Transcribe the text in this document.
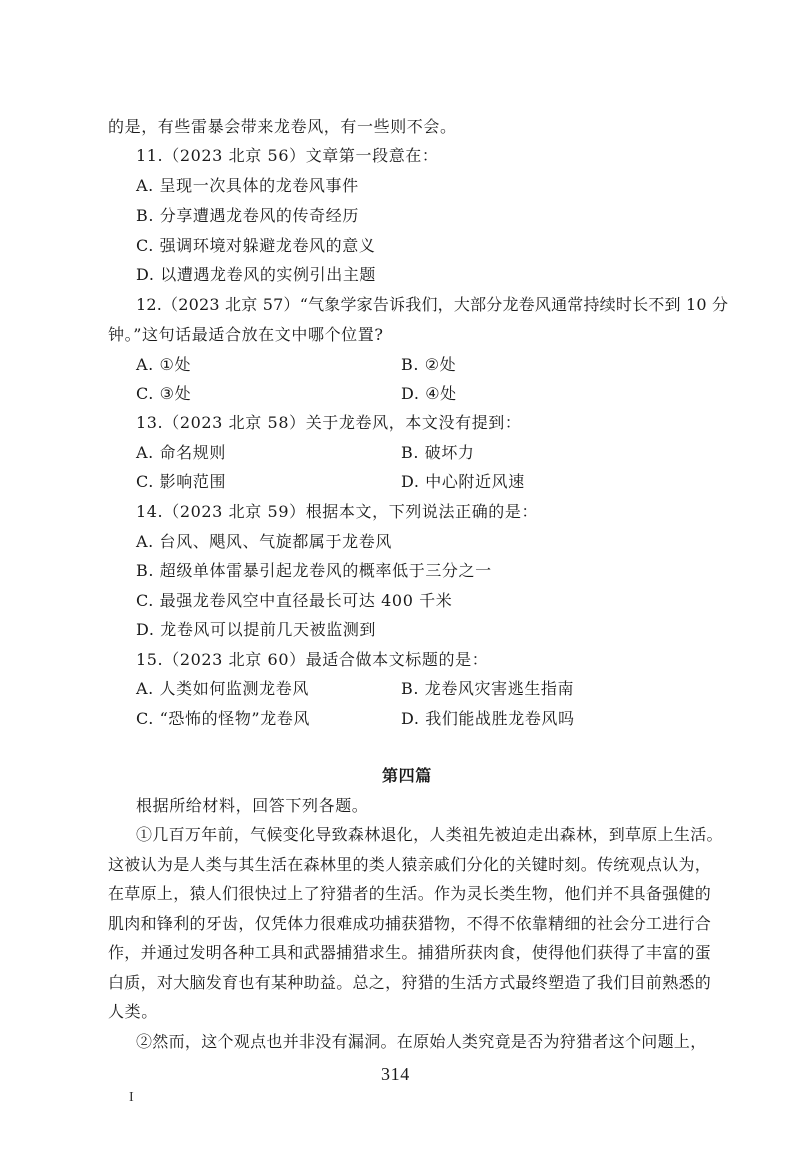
的是，有些雷暴会带来龙卷风，有一些则不会。
11.（2023 北京 56）文章第一段意在：
A. 呈现一次具体的龙卷风事件
B. 分享遭遇龙卷风的传奇经历
C. 强调环境对躲避龙卷风的意义
D. 以遭遇龙卷风的实例引出主题
12.（2023 北京 57）“气象学家告诉我们，大部分龙卷风通常持续时长不到 10 分
钟。”这句话最适合放在文中哪个位置?
A. ①处	B. ②处
C. ③处	D. ④处
13.（2023 北京 58）关于龙卷风，本文没有提到：
A. 命名规则	B. 破坏力
C. 影响范围	D. 中心附近风速
14.（2023 北京 59）根据本文，下列说法正确的是：
A. 台风、飓风、气旋都属于龙卷风
B. 超级单体雷暴引起龙卷风的概率低于三分之一
C. 最强龙卷风空中直径最长可达 400 千米
D. 龙卷风可以提前几天被监测到
15.（2023 北京 60）最适合做本文标题的是：
A. 人类如何监测龙卷风	B. 龙卷风灾害逃生指南
C. “恐怖的怪物”龙卷风	D. 我们能战胜龙卷风吗
第四篇
根据所给材料，回答下列各题。
①几百万年前，气候变化导致森林退化，人类祖先被迫走出森林，到草原上生活。
这被认为是人类与其生活在森林里的类人猿亲戚们分化的关键时刻。传统观点认为，
在草原上，猿人们很快过上了狩猎者的生活。作为灵长类生物，他们并不具备强健的
肌肉和锋利的牙齿，仅凭体力很难成功捕获猎物，不得不依靠精细的社会分工进行合
作，并通过发明各种工具和武器捕猎求生。捕猎所获肉食，使得他们获得了丰富的蛋
白质，对大脑发育也有某种助益。总之，狩猎的生活方式最终塑造了我们目前熟悉的
人类。
②然而，这个观点也并非没有漏洞。在原始人类究竟是否为狩猎者这个问题上，
314
I
